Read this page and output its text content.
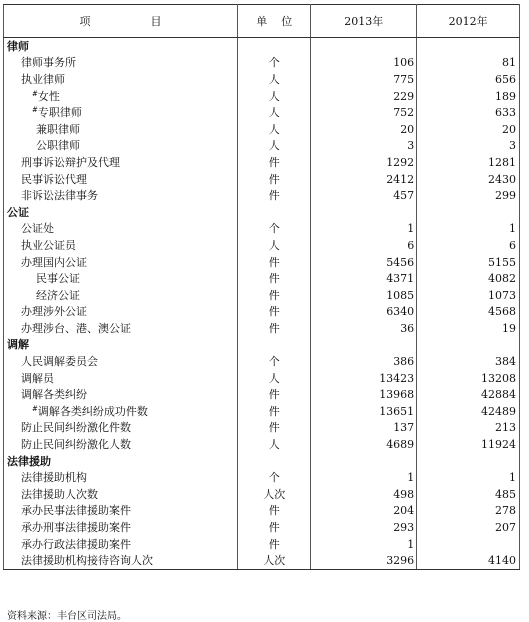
项 目	单 位	2013年	2012年
律师			
律师事务所	个	106	81
执业律师	人	775	656
#女性	人	229	189
#专职律师	人	752	633
兼职律师	人	20	20
公职律师	人	3	3
刑事诉讼辩护及代理	件	1292	1281
民事诉讼代理	件	2412	2430
非诉讼法律事务	件	457	299
公证			
公证处	个	1	1
执业公证员	人	6	6
办理国内公证	件	5456	5155
民事公证	件	4371	4082
经济公证	件	1085	1073
办理涉外公证	件	6340	4568
办理涉台、港、澳公证	件	36	19
调解			
人民调解委员会	个	386	384
调解员	人	13423	13208
调解各类纠纷	件	13968	42884
#调解各类纠纷成功件数	件	13651	42489
防止民间纠纷激化件数	件	137	213
防止民间纠纷激化人数	人	4689	11924
法律援助			
法律援助机构	个	1	1
法律援助人次数	人次	498	485
承办民事法律援助案件	件	204	278
承办刑事法律援助案件	件	293	207
承办行政法律援助案件	件	1	
法律援助机构接待咨询人次	人次	3296	4140
资料来源：丰台区司法局。
